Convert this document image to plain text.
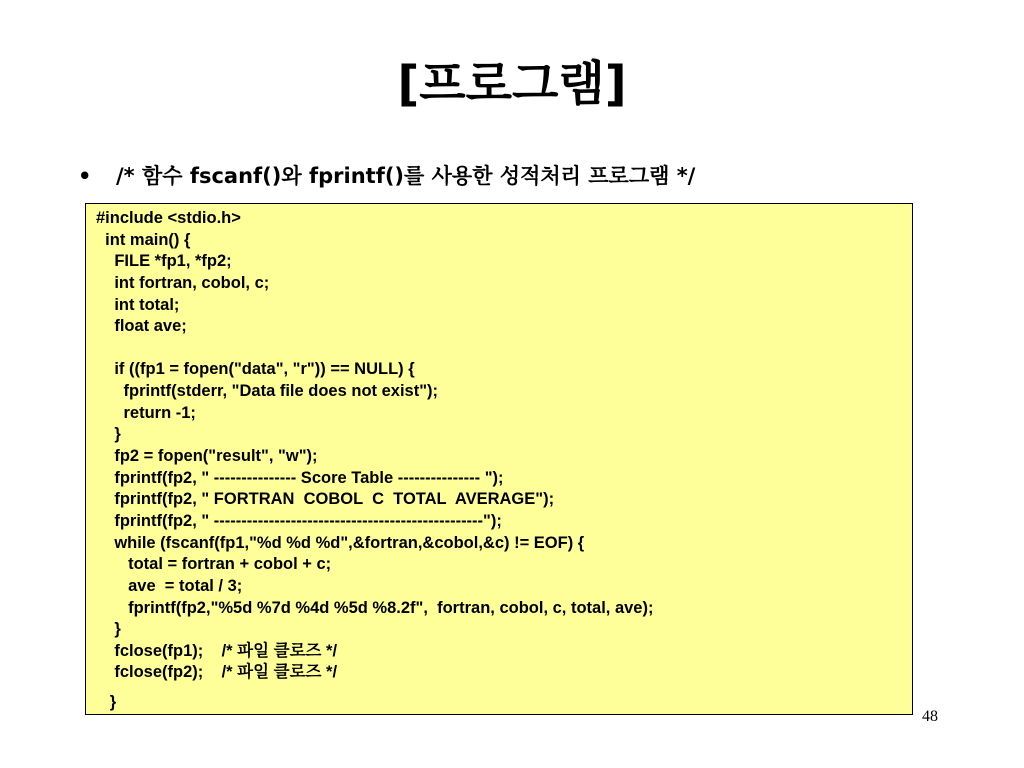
[프로그램]
• /* 함수 fscanf()와 fprintf()를 사용한 성적처리 프로그램 */
#include <stdio.h>
int main() {
FILE *fp1, *fp2;
int fortran, cobol, c;
int total;
float ave;
if ((fp1 = fopen("data", "r")) == NULL) {
fprintf(stderr, "Data file does not exist");
return -1;
}
fp2 = fopen("result", "w");
fprintf(fp2, " --------------- Score Table --------------- ");
fprintf(fp2, " FORTRAN  COBOL  C  TOTAL  AVERAGE");
fprintf(fp2, " -------------------------------------------------");
while (fscanf(fp1,"%d %d %d",&fortran,&cobol,&c) != EOF) {
total = fortran + cobol + c;
ave  = total / 3;
fprintf(fp2,"%5d %7d %4d %5d %8.2f",  fortran, cobol, c, total, ave);
}
fclose(fp1);    /* 파일 클로즈 */
fclose(fp2);    /* 파일 클로즈 */
}
48
